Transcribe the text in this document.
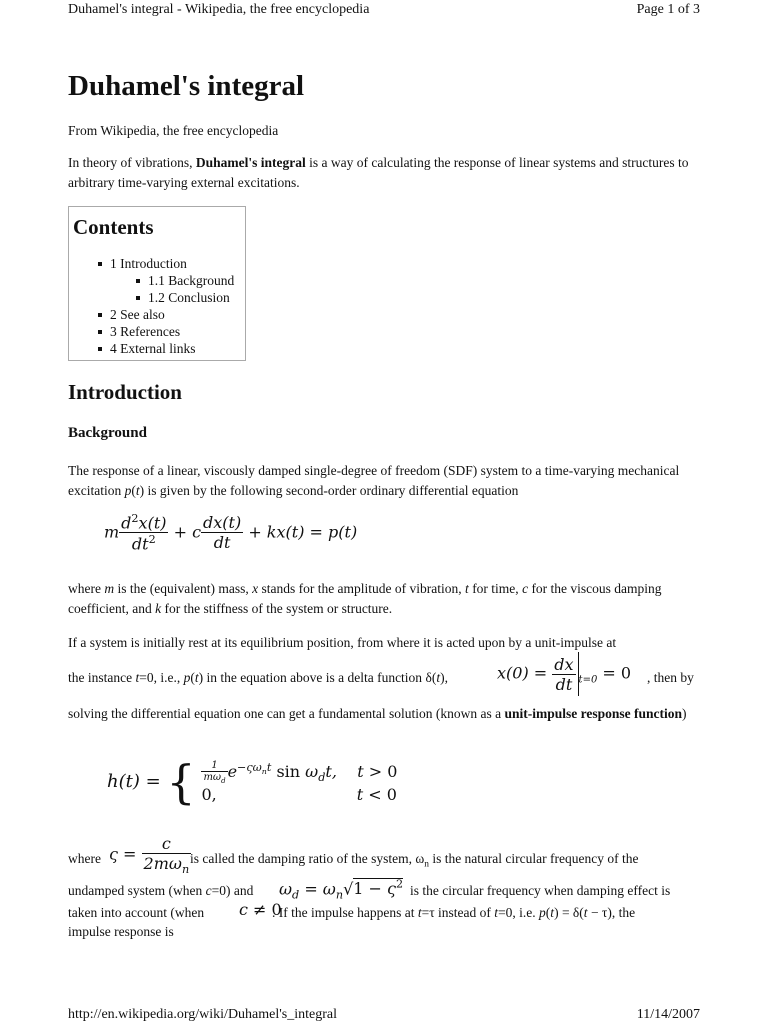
Duhamel's integral - Wikipedia, the free encyclopedia	Page 1 of 3
Duhamel's integral

From Wikipedia, the free encyclopedia

In theory of vibrations, Duhamel's integral is a way of calculating the response of linear systems and structures to arbitrary time-varying external excitations.

Contents
1 Introduction
1.1 Background
1.2 Conclusion
2 See also
3 References
4 External links
Introduction
Background

The response of a linear, viscously damped single-degree of freedom (SDF) system to a time-varying mechanical excitation p(t) is given by the following second-order ordinary differential equation

m $\frac{d^2x(t)}{dt^2} + c \frac{dx(t)}{dt} + kx(t) = p(t)$

where m is the (equivalent) mass, x stands for the amplitude of vibration, t for time, c for the viscous damping coefficient, and k for the stiffness of the system or structure.

If a system is initially rest at its equilibrium position, from where it is acted upon by a unit-impulse at

the instance t=0, i.e., p(t) in the equation above is a delta function δ(t),	$x(0) = \frac{dx}{dt} _{t=0} = 0$ , then by

solving the differential equation one can get a fundamental solution (known as a unit-impulse response function)

h(t) = { $\frac{1}{m\omega_d} e^{-\varsigma\omega_nt}$ $\sin \omega_dt$,    t > 0
0,	t < 0

where $\varsigma = \frac{c}{2m\omega_n}$

is called the damping ratio of the system, $\omega_n$ is the natural circular frequency of the

undamped system (when c=0) and	$\omega_d = \omega_n√1 - \varsigma^2$ is the circular frequency when damping effect is

taken into account (when	c ≠ 0

. If the impulse happens at t=τ instead of t=0, i.e. p(t) = δ(t − τ), the

impulse response is

http://en.wikipedia.org/wiki/Duhamel's_integral	11/14/2007
